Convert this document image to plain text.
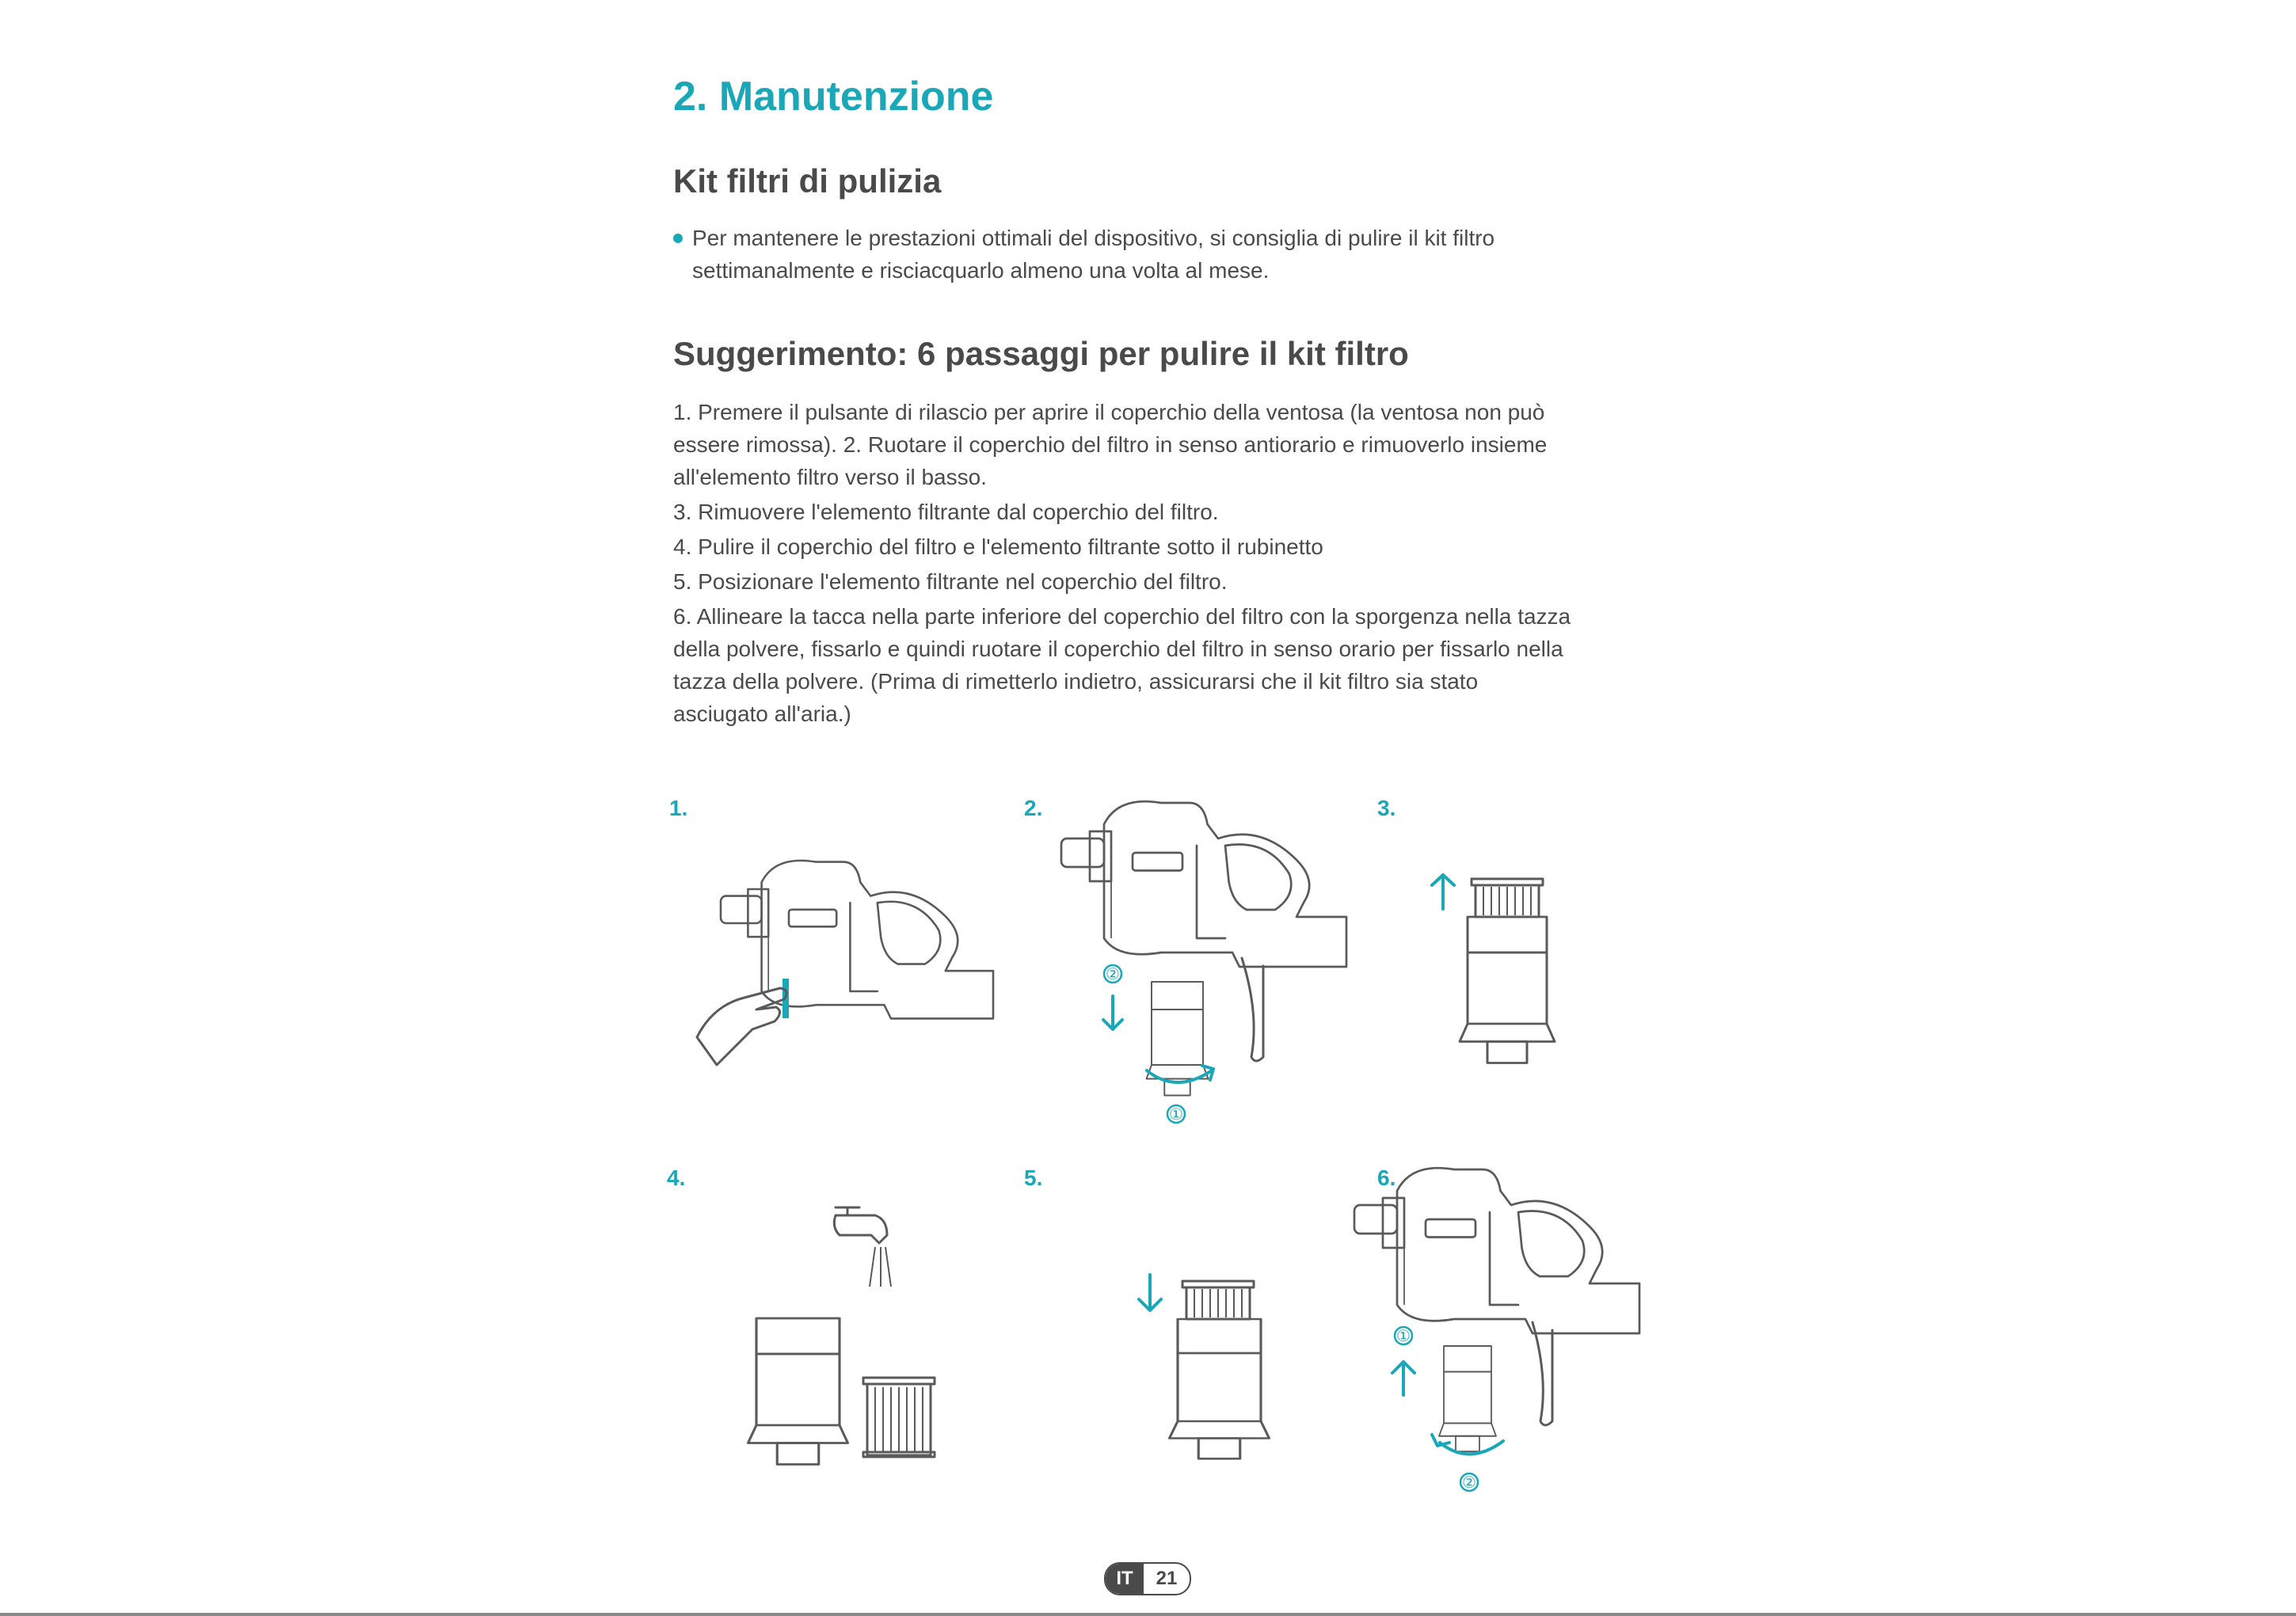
2. Manutenzione
Kit filtri di pulizia
Per mantenere le prestazioni ottimali del dispositivo, si consiglia di pulire il kit filtro
settimanalmente e risciacquarlo almeno una volta al mese.
Suggerimento: 6 passaggi per pulire il kit filtro

1. Premere il pulsante di rilascio per aprire il coperchio della ventosa (la ventosa non può
essere rimossa). 2. Ruotare il coperchio del filtro in senso antiorario e rimuoverlo insieme
all'elemento filtro verso il basso.

3. Rimuovere l'elemento filtrante dal coperchio del filtro.

4. Pulire il coperchio del filtro e l'elemento filtrante sotto il rubinetto

5. Posizionare l'elemento filtrante nel coperchio del filtro.

6. Allineare la tacca nella parte inferiore del coperchio del filtro con la sporgenza nella tazza
della polvere, fissarlo e quindi ruotare il coperchio del filtro in senso orario per fissarlo nella
tazza della polvere. (Prima di rimetterlo indietro, assicurarsi che il kit filtro sia stato
asciugato all'aria.)

1.	2.	3.
4.	5.	6.
②
①
①
②
IT	21
